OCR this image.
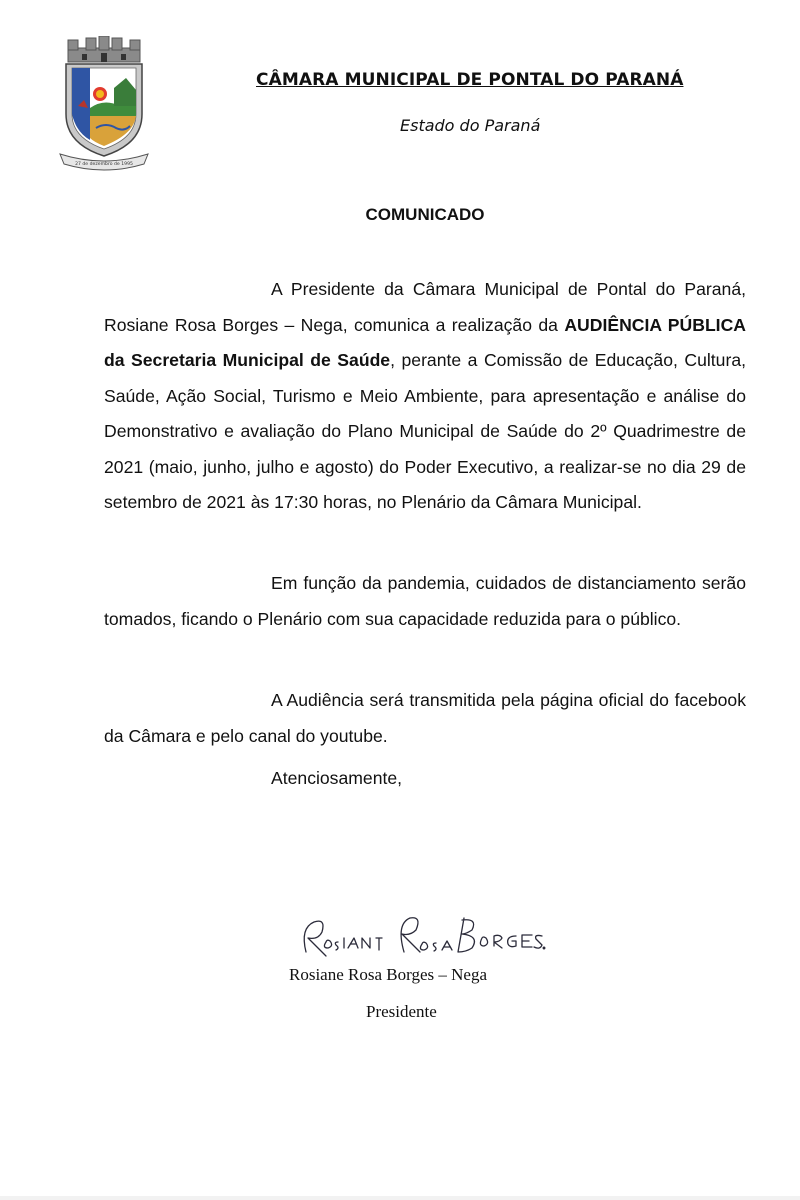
27 de dezembro de 1995
CÂMARA MUNICIPAL DE PONTAL DO PARANÁ
Estado do Paraná
COMUNICADO

A Presidente da Câmara Municipal de Pontal do Paraná, Rosiane Rosa Borges – Nega, comunica a realização da AUDIÊNCIA PÚBLICA da Secretaria Municipal de Saúde, perante a Comissão de Educação, Cultura, Saúde, Ação Social, Turismo e Meio Ambiente, para apresentação e análise do Demonstrativo e avaliação do Plano Municipal de Saúde do 2º Quadrimestre de 2021 (maio, junho, julho e agosto) do Poder Executivo, a realizar-se no dia 29 de setembro de 2021 às 17:30 horas, no Plenário da Câmara Municipal.

Em função da pandemia, cuidados de distanciamento serão tomados, ficando o Plenário com sua capacidade reduzida para o público.

A Audiência será transmitida pela página oficial do facebook da Câmara e pelo canal do youtube.

Atenciosamente,
Rosiane Rosa Borges – Nega
Presidente
